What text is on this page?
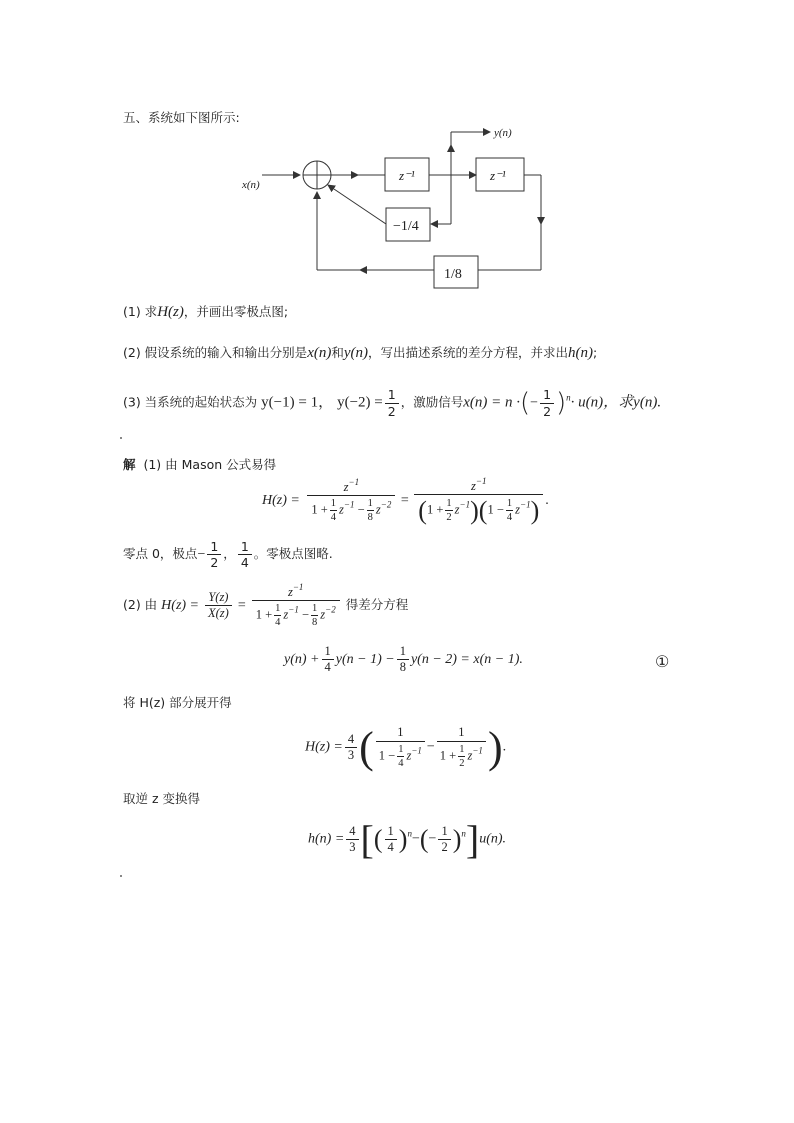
五、系统如下图所示:
x(n)
y(n)
z⁻¹	z⁻¹
−1/4
1/8
(1) 求H(z)，并画出零极点图;
(2) 假设系统的输入和输出分别是x(n)和y(n)，写出描述系统的差分方程，并求出h(n);
(3) 当系统的起始状态为 y(−1) = 1， $y(-2) = \frac{1}{2}$ ，激励信号x(n) = n ·(− $\frac{1}{2} )^n\cdot u(n)$，求y(n).
解 (1) 由 Mason 公式易得
$H(z) = \frac{z^{-1}}{1 + \frac{1}{4} z^{-1} - \frac{1}{8} z^{-2}} = \frac{z^{-1}}{(1 + \frac{1}{2} z^{-1})(1 - \frac{1}{4} z^{-1})}$ .
零点 0，极点− $\frac{1}{2}$ ， $\frac{1}{4}$ 。零极点图略.
(2) 由 $H(z) = \frac{Y(z)}{X(z)} = \frac{z^{-1}}{1 + \frac{1}{4} z^{-1} - \frac{1}{8} z^{-2}}$ 得差分方程
$y(n) + \frac{1}{4} y(n - 1) - \frac{1}{8} y(n - 2) = x(n - 1)$.	①
将 H(z) 部分展开得
$H(z) = \frac{4}{3}$ ( $\frac{1}{1 - \frac{1}{4} z^{-1}} - \frac{1}{1 + \frac{1}{2} z^{-1}}$ ).
取逆 z 变换得
$h(n) = \frac{4}{3}$ [( $\frac{1}{4} )^n-(- \frac{1}{2} )^n]u(n)$.
